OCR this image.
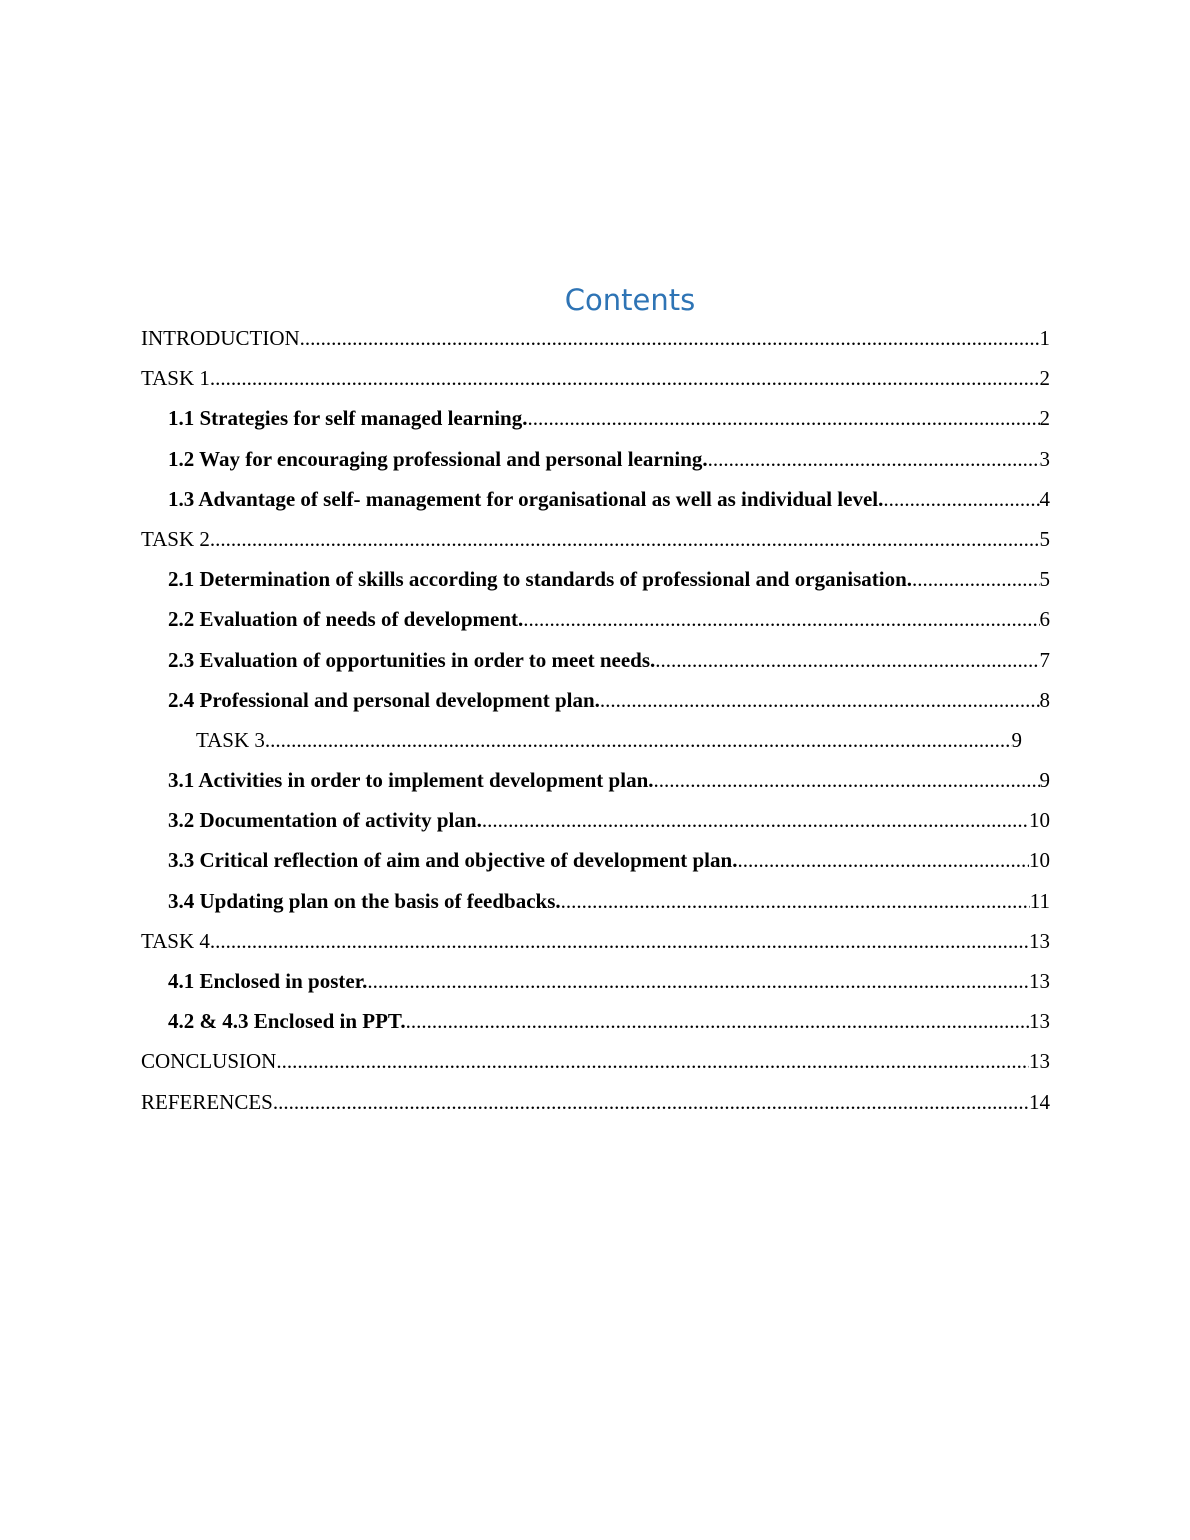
Contents
INTRODUCTION .....	1
TASK 1 .....	2
1.1 Strategies for self managed learning. .....	2
1.2 Way for encouraging professional and personal learning. .....	3
1.3 Advantage of self- management for organisational as well as individual level. .....	4
TASK 2 .....	5
2.1 Determination of skills according to standards of professional and organisation. .....	5
2.2 Evaluation of needs of development. .....	6
2.3 Evaluation of opportunities in order to meet needs. .....	7
2.4 Professional and personal development plan. .....	8
TASK 3 .....	9
3.1 Activities in order to implement development plan. .....	9
3.2 Documentation of activity plan. .....	10
3.3 Critical reflection of aim and objective of development plan. .....	10
3.4 Updating plan on the basis of feedbacks. .....	11
TASK 4 .....	13
4.1 Enclosed in poster. .....	13
4.2 & 4.3 Enclosed in PPT. .....	13
CONCLUSION .....	13
REFERENCES .....	14
